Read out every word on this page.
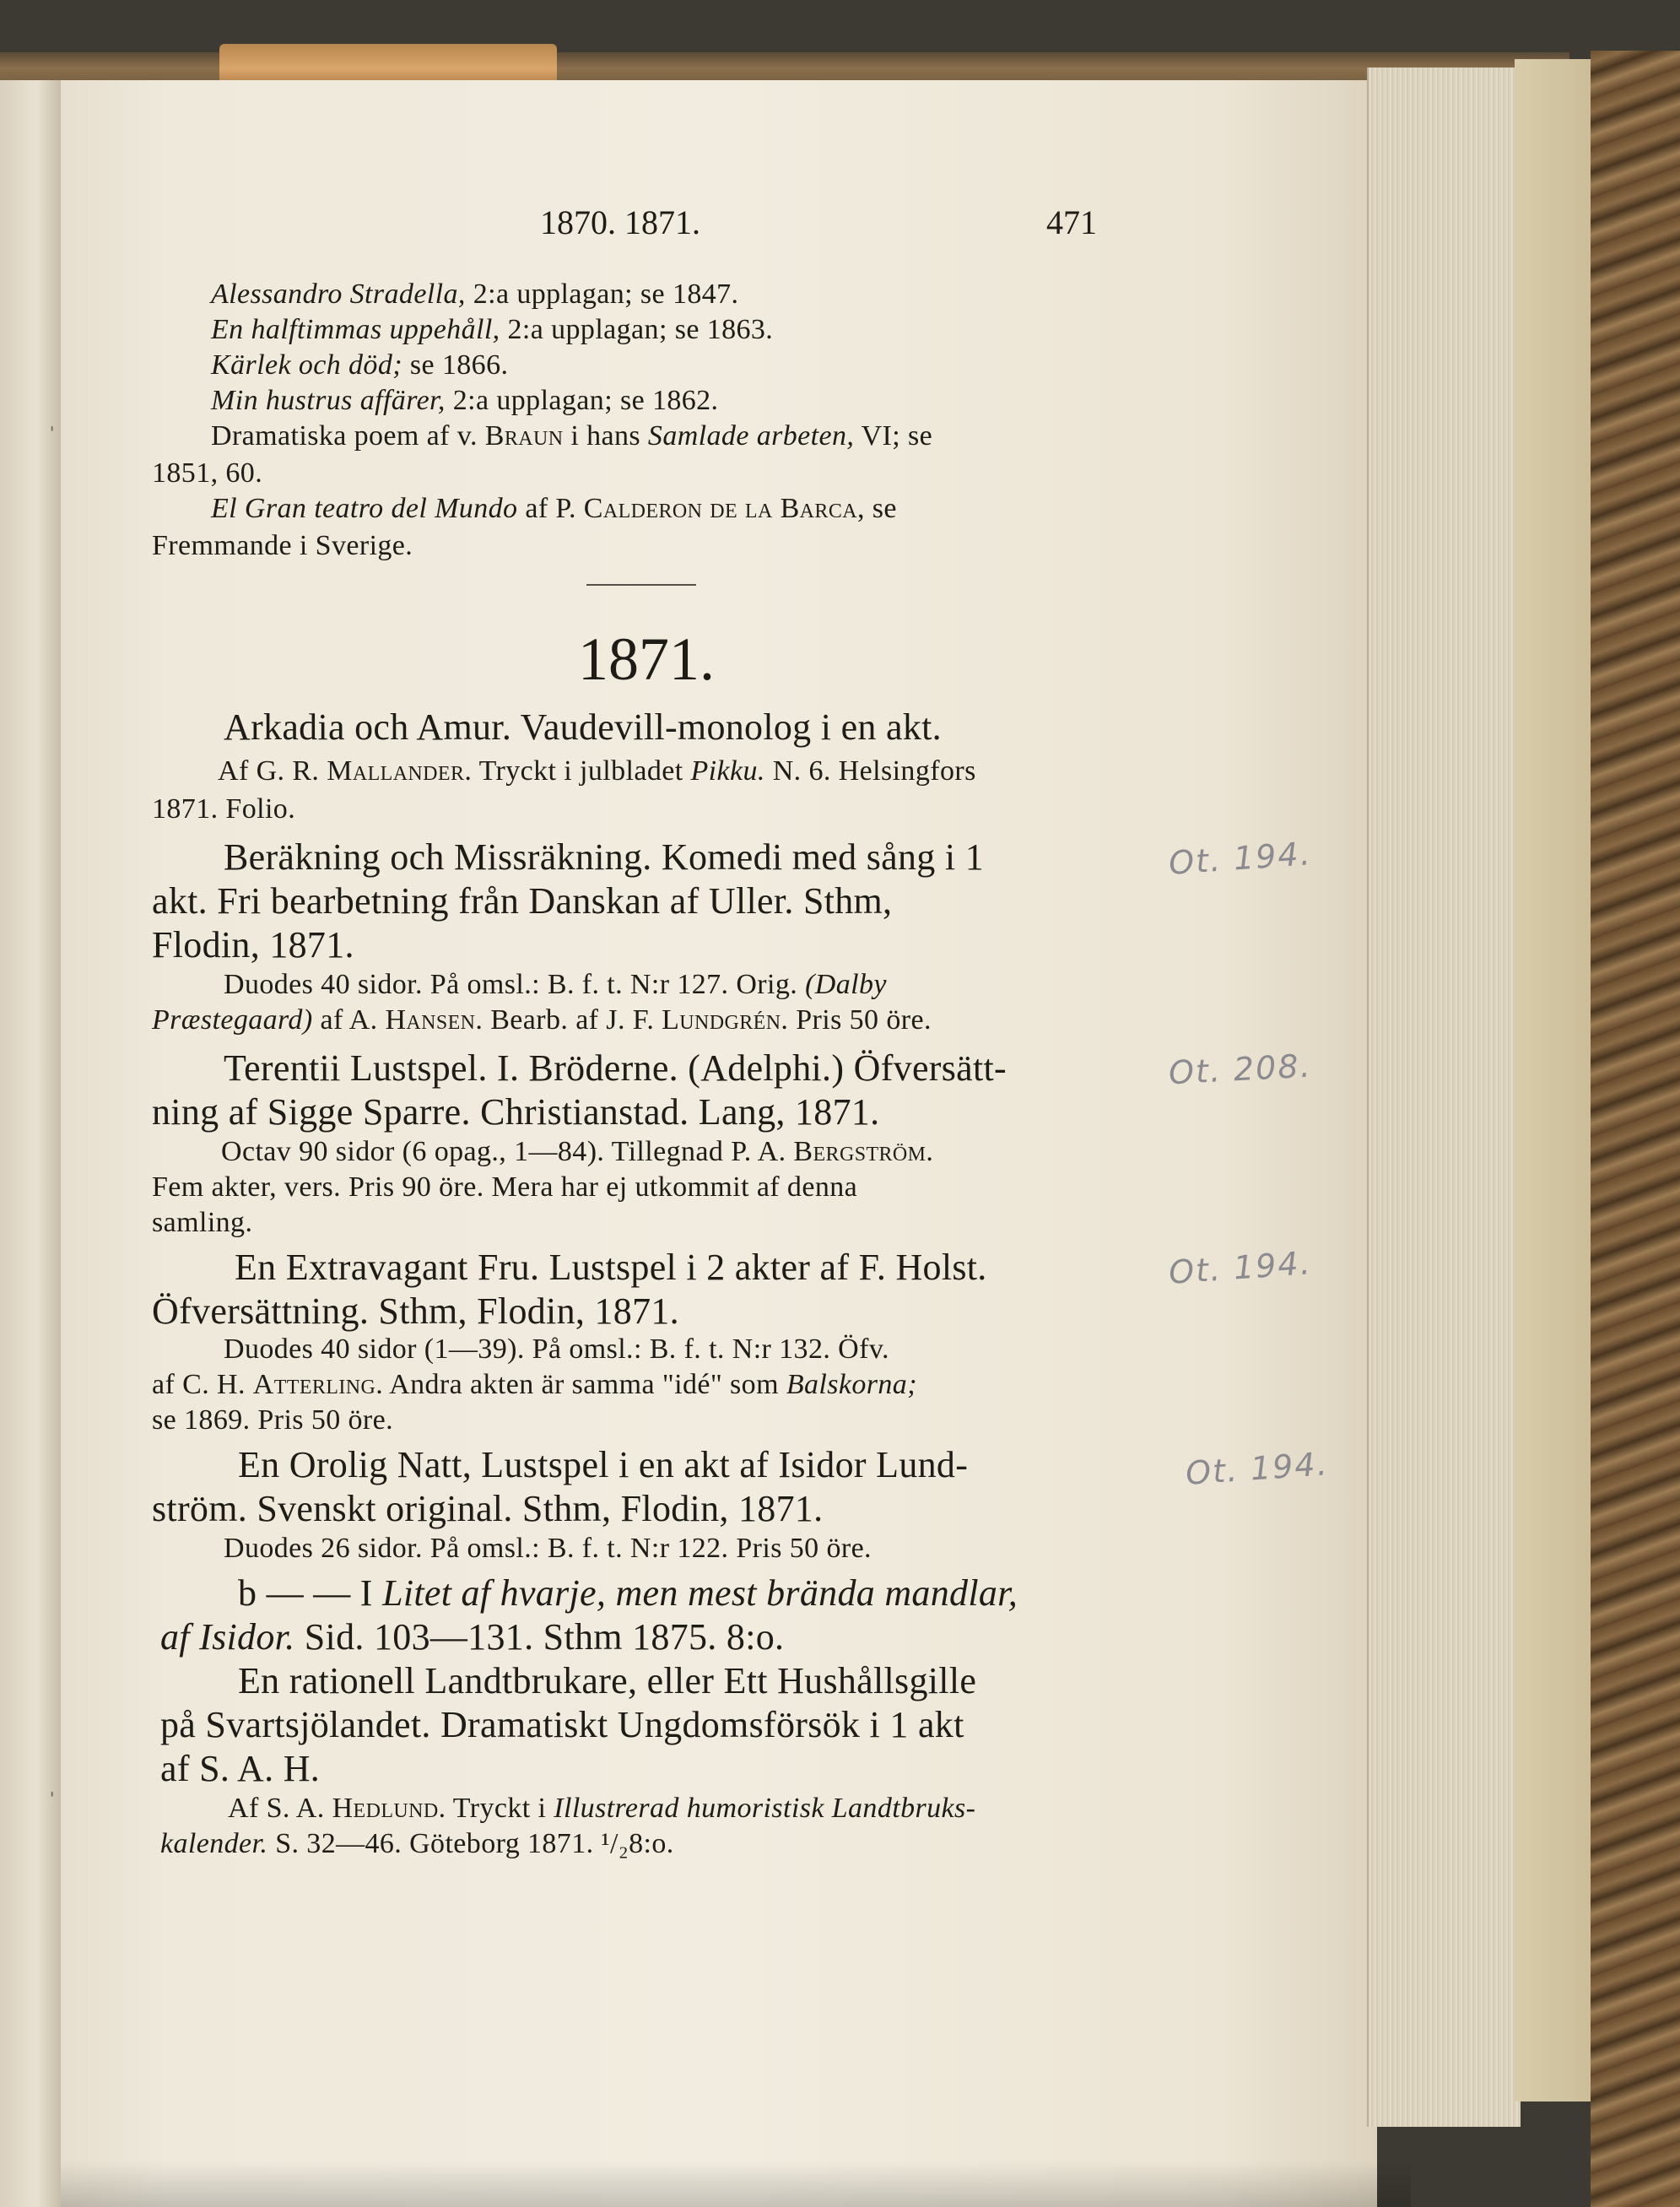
1870. 1871.	471
Alessandro Stradella, 2:a upplagan; se 1847.
En halftimmas uppehåll, 2:a upplagan; se 1863.
Kärlek och död; se 1866.
Min hustrus affärer, 2:a upplagan; se 1862.
Dramatiska poem af v. Braun i hans Samlade arbeten, VI; se
1851, 60.
El Gran teatro del Mundo af P. Calderon de la Barca, se
Fremmande i Sverige.
1871.
Arkadia och Amur. Vaudevill-monolog i en akt.
Af G. R. Mallander. Tryckt i julbladet Pikku. N. 6. Helsingfors
1871. Folio.
Beräkning och Missräkning. Komedi med sång i 1
akt. Fri bearbetning från Danskan af Uller. Sthm,
Flodin, 1871.
Duodes 40 sidor. På omsl.: B. f. t. N:r 127. Orig. (Dalby
Præstegaard) af A. Hansen. Bearb. af J. F. Lundgrén. Pris 50 öre.
Terentii Lustspel. I. Bröderne. (Adelphi.) Öfversätt-
ning af Sigge Sparre. Christianstad. Lang, 1871.
Octav 90 sidor (6 opag., 1—84). Tillegnad P. A. Bergström.
Fem akter, vers. Pris 90 öre. Mera har ej utkommit af denna
samling.
En Extravagant Fru. Lustspel i 2 akter af F. Holst.
Öfversättning. Sthm, Flodin, 1871.
Duodes 40 sidor (1—39). På omsl.: B. f. t. N:r 132. Öfv.
af C. H. Atterling. Andra akten är samma "idé" som Balskorna;
se 1869. Pris 50 öre.
En Orolig Natt, Lustspel i en akt af Isidor Lund-
ström. Svenskt original. Sthm, Flodin, 1871.
Duodes 26 sidor. På omsl.: B. f. t. N:r 122. Pris 50 öre.
b — — I Litet af hvarje, men mest brända mandlar,
af Isidor. Sid. 103—131. Sthm 1875. 8:o.
En rationell Landtbrukare, eller Ett Hushållsgille
på Svartsjölandet. Dramatiskt Ungdomsförsök i 1 akt
af S. A. H.
Af S. A. Hedlund. Tryckt i Illustrerad humoristisk Landtbruks-
kalender. S. 32—46. Göteborg 1871. ¹/₂8:o.
Ot. 194.
Ot. 208.
Ot. 194.
Ot. 194.
ˈ
ˈ
